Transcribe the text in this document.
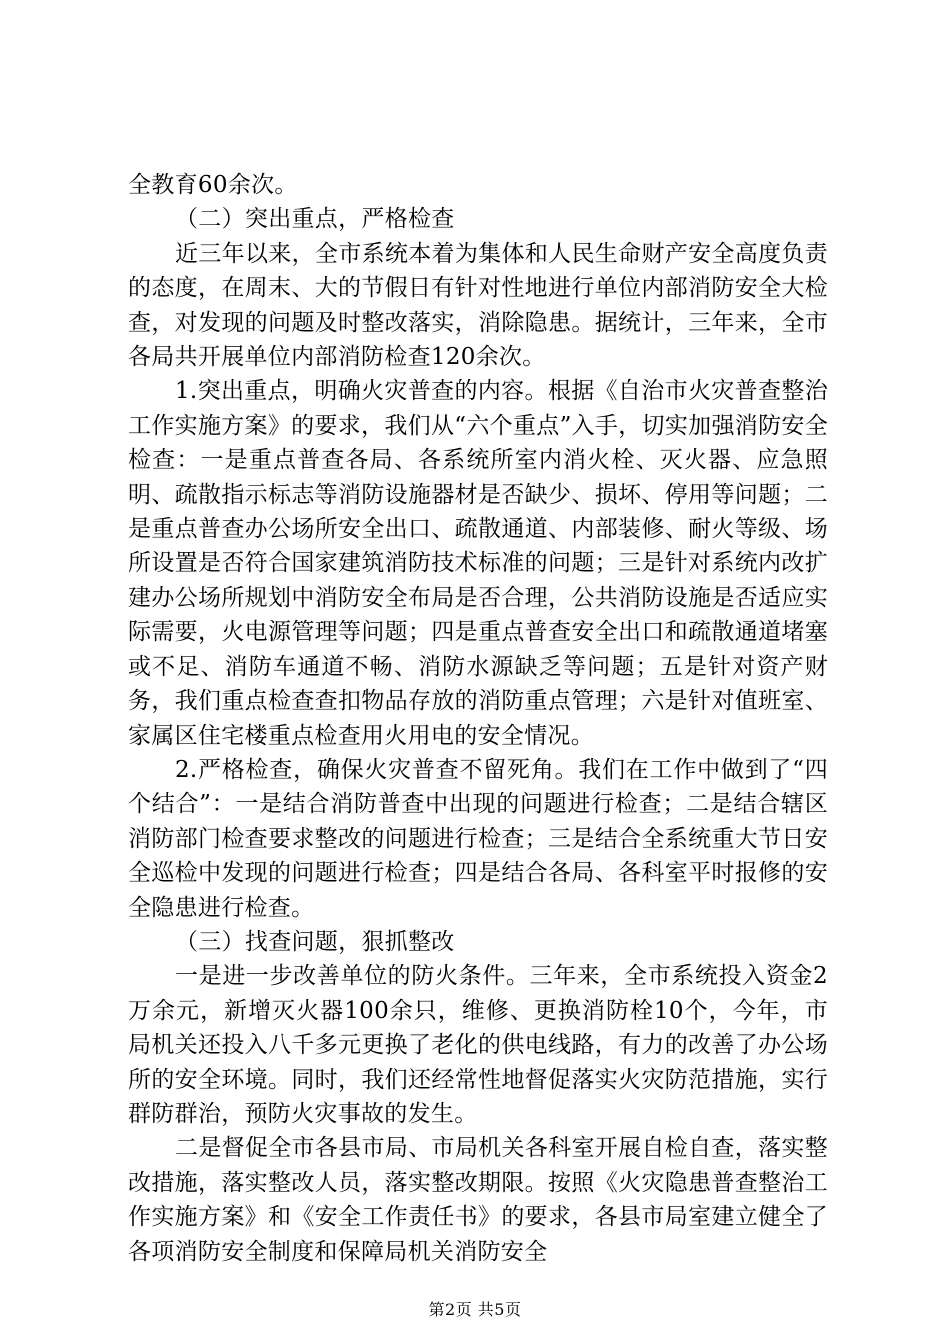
全教育60余次。

（二）突出重点，严格检查

近三年以来，全市系统本着为集体和人民生命财产安全高度负责的态度，在周末、大的节假日有针对性地进行单位内部消防安全大检查，对发现的问题及时整改落实，消除隐患。据统计，三年来，全市各局共开展单位内部消防检查120余次。

1.突出重点，明确火灾普查的内容。根据《自治市火灾普查整治工作实施方案》的要求，我们从“六个重点”入手，切实加强消防安全检查：一是重点普查各局、各系统所室内消火栓、灭火器、应急照明、疏散指示标志等消防设施器材是否缺少、损坏、停用等问题；二是重点普查办公场所安全出口、疏散通道、内部装修、耐火等级、场所设置是否符合国家建筑消防技术标准的问题；三是针对系统内改扩建办公场所规划中消防安全布局是否合理，公共消防设施是否适应实际需要，火电源管理等问题；四是重点普查安全出口和疏散通道堵塞或不足、消防车通道不畅、消防水源缺乏等问题；五是针对资产财务，我们重点检查查扣物品存放的消防重点管理；六是针对值班室、家属区住宅楼重点检查用火用电的安全情况。

2.严格检查，确保火灾普查不留死角。我们在工作中做到了“四个结合”：一是结合消防普查中出现的问题进行检查；二是结合辖区消防部门检查要求整改的问题进行检查；三是结合全系统重大节日安全巡检中发现的问题进行检查；四是结合各局、各科室平时报修的安全隐患进行检查。

（三）找查问题，狠抓整改

一是进一步改善单位的防火条件。三年来，全市系统投入资金2万余元，新增灭火器100余只，维修、更换消防栓10个，今年，市局机关还投入八千多元更换了老化的供电线路，有力的改善了办公场所的安全环境。同时，我们还经常性地督促落实火灾防范措施，实行群防群治，预防火灾事故的发生。

二是督促全市各县市局、市局机关各科室开展自检自查，落实整改措施，落实整改人员，落实整改期限。按照《火灾隐患普查整治工作实施方案》和《安全工作责任书》的要求，各县市局室建立健全了各项消防安全制度和保障局机关消防安全

第2页 共5页
